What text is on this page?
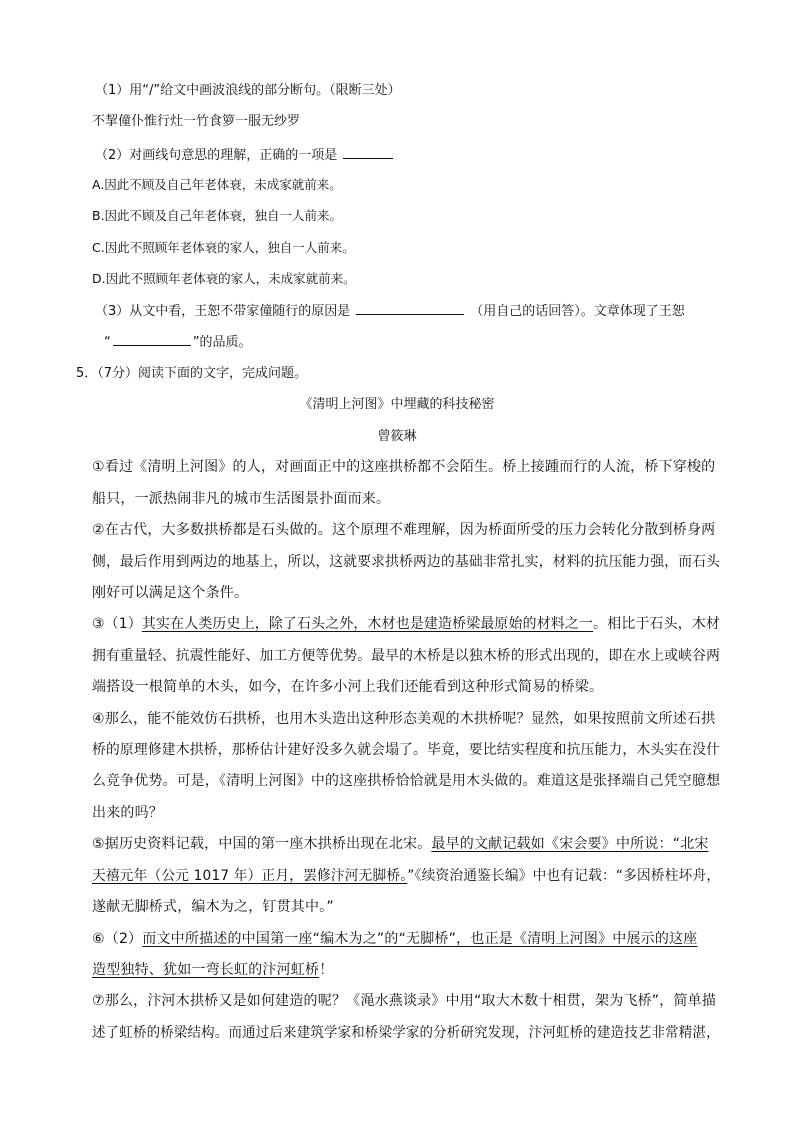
（1）用“/”给文中画波浪线的部分断句。（限断三处）
不挈僮仆惟行灶一竹食箩一服无纱罗
（2）对画线句意思的理解，正确的一项是
A.因此不顾及自己年老体衰，未成家就前来。
B.因此不顾及自己年老体衰，独自一人前来。
C.因此不照顾年老体衰的家人，独自一人前来。
D.因此不照顾年老体衰的家人，未成家就前来。
（3）从文中看，王恕不带家僮随行的原因是	（用自己的话回答）。文章体现了王恕
“	”的品质。
5．（7分）阅读下面的文字，完成问题。
《清明上河图》中埋藏的科技秘密
曾筱琳
①看过《清明上河图》的人，对画面正中的这座拱桥都不会陌生。桥上接踵而行的人流，桥下穿梭的
船只，一派热闹非凡的城市生活图景扑面而来。
②在古代，大多数拱桥都是石头做的。这个原理不难理解，因为桥面所受的压力会转化分散到桥身两
侧，最后作用到两边的地基上，所以，这就要求拱桥两边的基础非常扎实，材料的抗压能力强，而石头
刚好可以满足这个条件。
③（1）其实在人类历史上，除了石头之外，木材也是建造桥梁最原始的材料之一。相比于石头，木材
拥有重量轻、抗震性能好、加工方便等优势。最早的木桥是以独木桥的形式出现的，即在水上或峡谷两
端搭设一根简单的木头，如今，在许多小河上我们还能看到这种形式简易的桥梁。
④那么，能不能效仿石拱桥，也用木头造出这种形态美观的木拱桥呢？显然，如果按照前文所述石拱
桥的原理修建木拱桥，那桥估计建好没多久就会塌了。毕竟，要比结实程度和抗压能力，木头实在没什
么竞争优势。可是，《清明上河图》中的这座拱桥恰恰就是用木头做的。难道这是张择端自己凭空臆想
出来的吗？
⑤据历史资料记载，中国的第一座木拱桥出现在北宋。最早的文献记载如《宋会要》中所说：“北宋
天禧元年（公元 1017 年）正月，罢修汴河无脚桥。”《续资治通鉴长编》中也有记载：“多因桥柱坏舟，
遂献无脚桥式，编木为之，钉贯其中。”
⑥（2）而文中所描述的中国第一座“编木为之”的“无脚桥”，也正是《清明上河图》中展示的这座
造型独特、犹如一弯长虹的汴河虹桥！
⑦那么，汴河木拱桥又是如何建造的呢？《渑水燕谈录》中用“取大木数十相贯，架为飞桥”，简单描
述了虹桥的桥梁结构。而通过后来建筑学家和桥梁学家的分析研究发现，汴河虹桥的建造技艺非常精湛，
